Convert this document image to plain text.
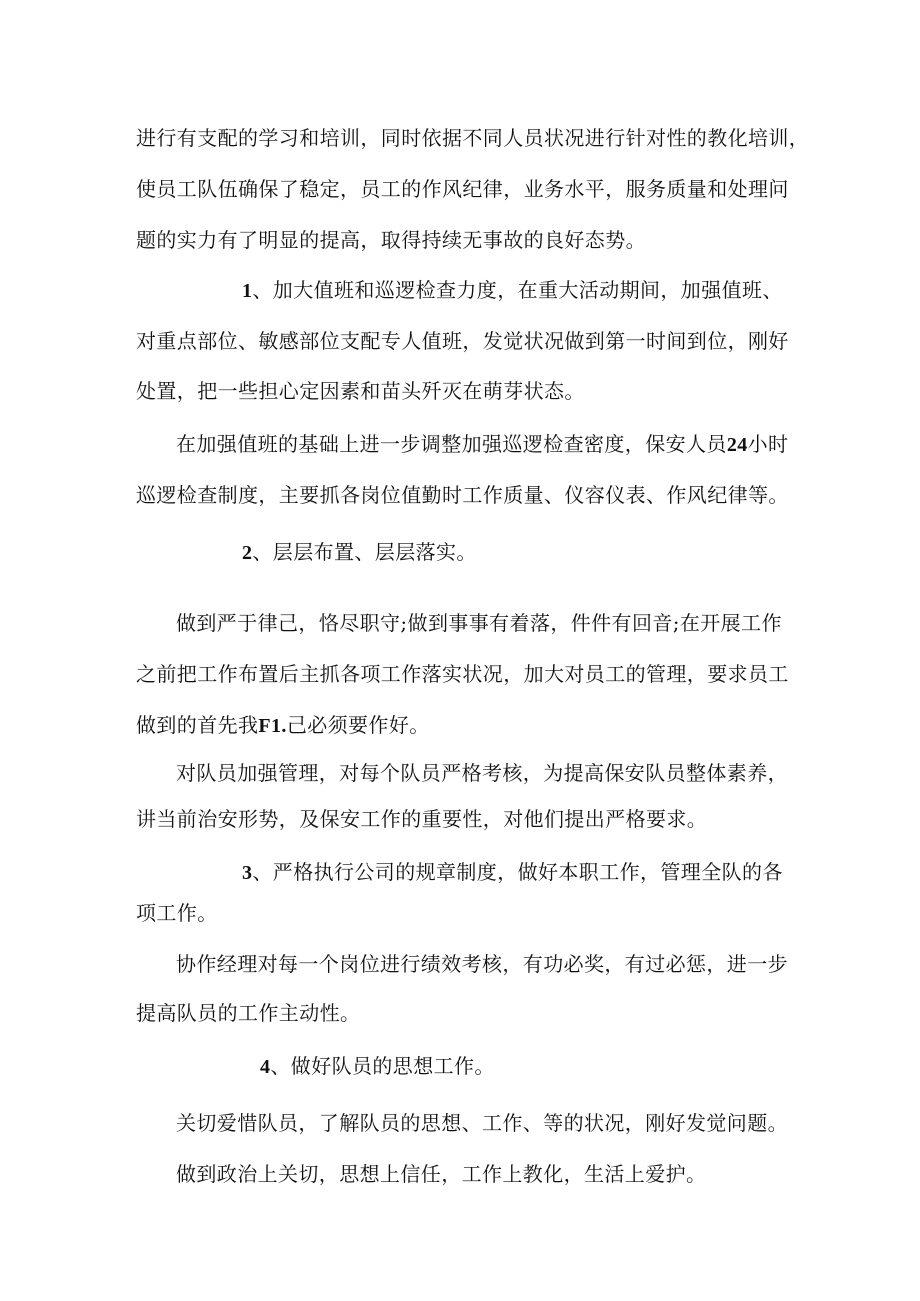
进行有支配的学习和培训，同时依据不同人员状况进行针对性的教化培训，
使员工队伍确保了稳定，员工的作风纪律，业务水平，服务质量和处理问
题的实力有了明显的提高，取得持续无事故的良好态势。
1、加大值班和巡逻检查力度，在重大活动期间，加强值班、
对重点部位、敏感部位支配专人值班，发觉状况做到第一时间到位，刚好
处置，把一些担心定因素和苗头歼灭在萌芽状态。
在加强值班的基础上进一步调整加强巡逻检查密度，保安人员24小时
巡逻检查制度，主要抓各岗位值勤时工作质量、仪容仪表、作风纪律等。
2、层层布置、层层落实。
做到严于律己，恪尽职守;做到事事有着落，件件有回音;在开展工作
之前把工作布置后主抓各项工作落实状况，加大对员工的管理，要求员工
做到的首先我F1.己必须要作好。
对队员加强管理，对每个队员严格考核，为提高保安队员整体素养，
讲当前治安形势，及保安工作的重要性，对他们提出严格要求。
3、严格执行公司的规章制度，做好本职工作，管理全队的各
项工作。
协作经理对每一个岗位进行绩效考核，有功必奖，有过必惩，进一步
提高队员的工作主动性。
4、做好队员的思想工作。
关切爱惜队员，了解队员的思想、工作、等的状况，刚好发觉问题。
做到政治上关切，思想上信任，工作上教化，生活上爱护。
